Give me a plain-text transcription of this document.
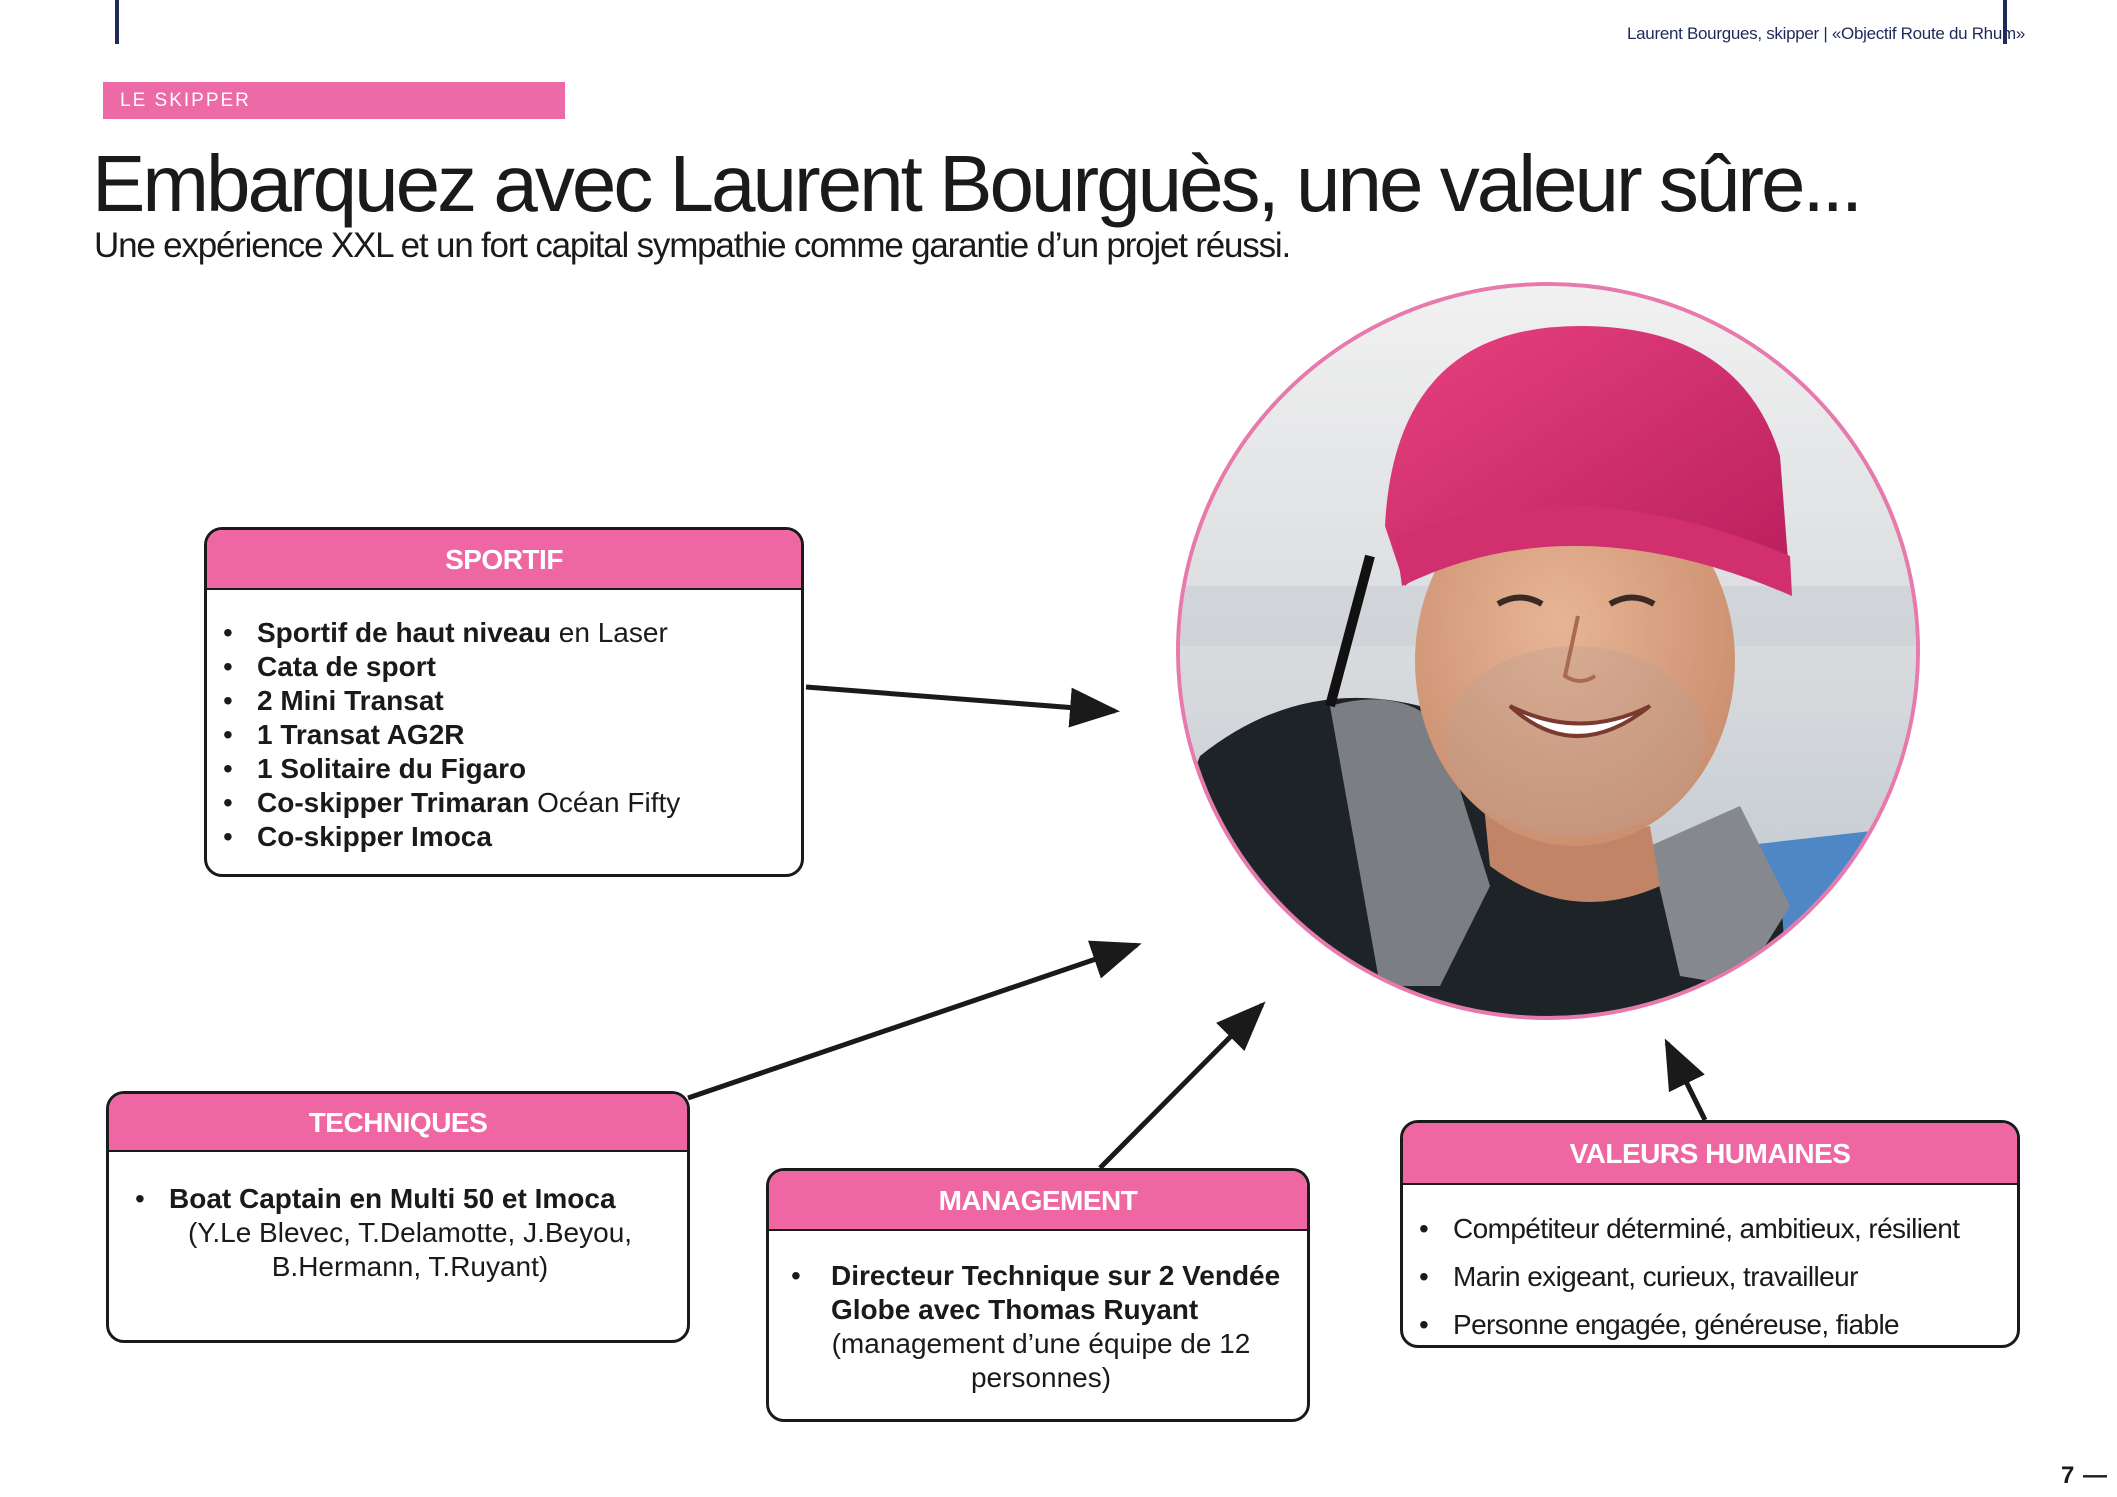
Laurent Bourgues, skipper | «Objectif Route du Rhum»
LE SKIPPER
Embarquez avec Laurent Bourguès, une valeur sûre...
Une expérience XXL et un fort capital sympathie comme garantie d’un projet réussi.
SPORTIF
• Sportif de haut niveau en Laser
• Cata de sport
• 2 Mini Transat
• 1 Transat AG2R
• 1 Solitaire du Figaro
• Co-skipper Trimaran Océan Fifty
• Co-skipper Imoca
TECHNIQUES
• Boat Captain en Multi 50 et Imoca
(Y.Le Blevec, T.Delamotte, J.Beyou,
B.Hermann, T.Ruyant)
MANAGEMENT
• Directeur Technique sur 2 Vendée
Globe avec Thomas Ruyant
(management d’une équipe de 12
personnes)
VALEURS HUMAINES
• Compétiteur déterminé, ambitieux, résilient
• Marin exigeant, curieux, travailleur
• Personne engagée, généreuse, fiable
7 —
